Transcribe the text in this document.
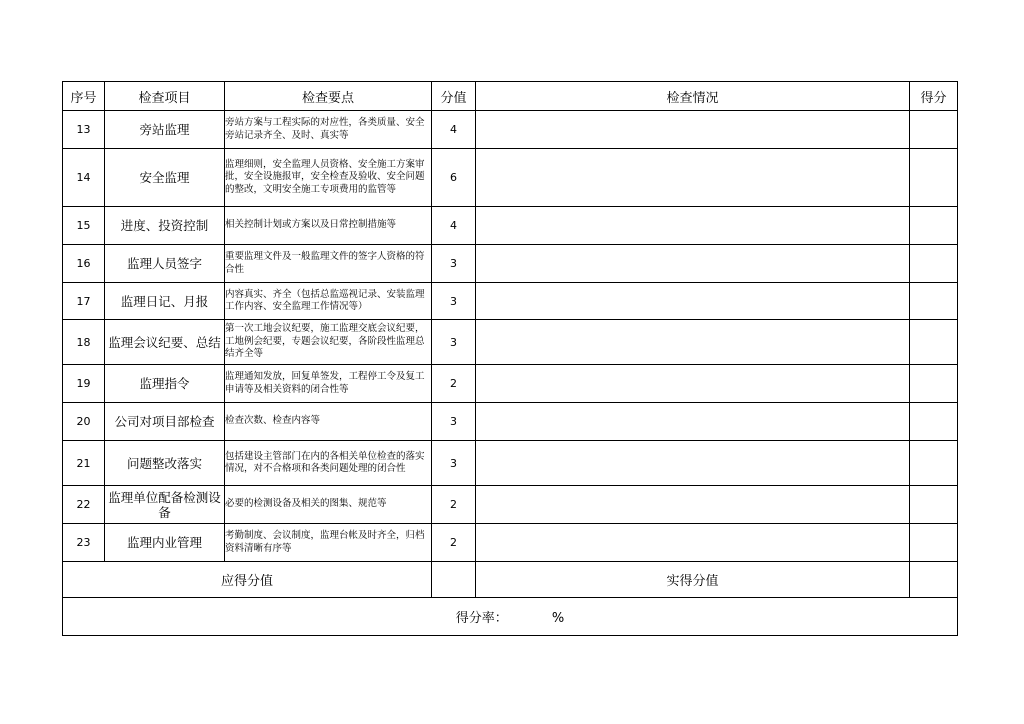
序号	检查项目	检查要点	分值	检查情况	得分
13	旁站监理	旁站方案与工程实际的对应性，各类质量、安全旁站记录齐全、及时、真实等	4		
14	安全监理	监理细则，安全监理人员资格、安全施工方案审批，安全设施报审，安全检查及验收、安全问题的整改，文明安全施工专项费用的监管等	6		
15	进度、投资控制	相关控制计划或方案以及日常控制措施等	4		
16	监理人员签字	重要监理文件及一般监理文件的签字人资格的符合性	3		
17	监理日记、月报	内容真实、齐全（包括总监巡视记录、安装监理工作内容、安全监理工作情况等）	3		
18	监理会议纪要、总结	第一次工地会议纪要，施工监理交底会议纪要，工地例会纪要，专题会议纪要，各阶段性监理总结齐全等	3		
19	监理指令	监理通知发放，回复单签发，工程停工令及复工申请等及相关资料的闭合性等	2		
20	公司对项目部检查	检查次数、检查内容等	3		
21	问题整改落实	包括建设主管部门在内的各相关单位检查的落实情况，对不合格项和各类问题处理的闭合性	3		
22	监理单位配备检测设备	必要的检测设备及相关的图集、规范等	2		
23	监理内业管理	考勤制度、会议制度，监理台帐及时齐全，归档资料清晰有序等	2		
应得分值				实得分值	
得分率： %					
